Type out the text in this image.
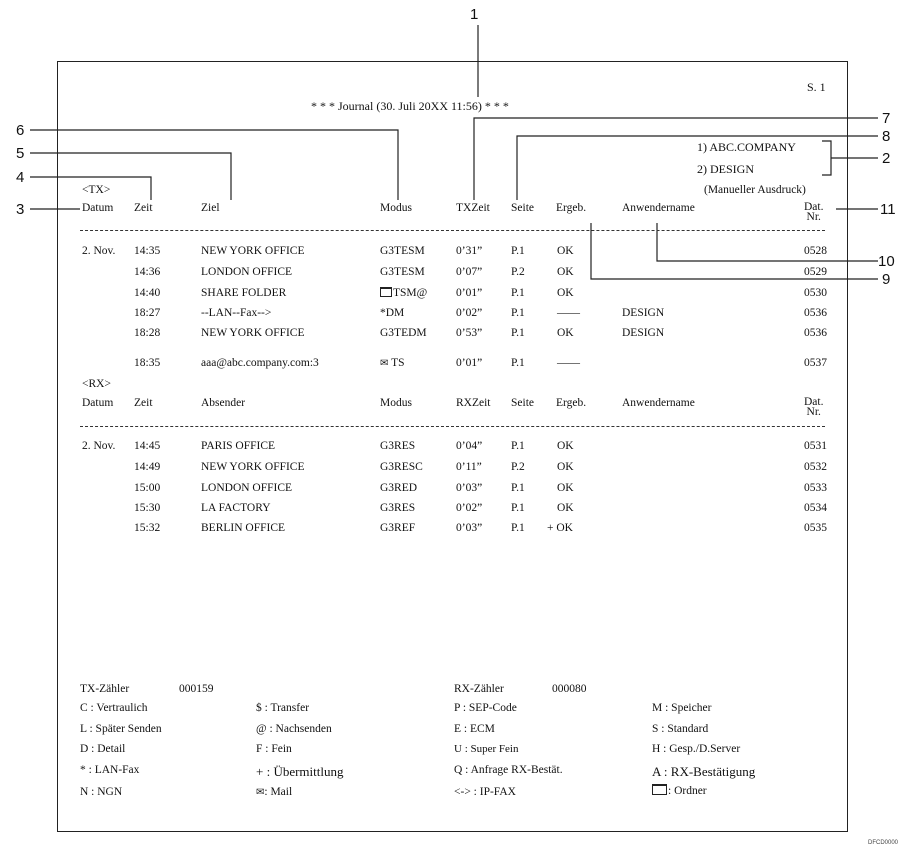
1
2
3
4
5
6
7
8
9
10
11
S. 1
* * * Journal (30. Juli 20XX 11:56) * * *
1) ABC.COMPANY
2) DESIGN
(Manueller Ausdruck)
<TX>
Datum Zeit	Ziel	Modus	TXZeit Seite Ergeb.	Anwendername	Dat.
Nr.
2. Nov. 14:35	NEW YORK OFFICE	G3TESM	0’31”	P.1	OK	0528
14:36	LONDON OFFICE	G3TESM	0’07”	P.2	OK	0529
14:40	SHARE FOLDER	TSM@	0’01”	P.1	OK	0530
18:27	--LAN--Fax-->	*DM	0’02”	P.1	——	DESIGN	0536
18:28	NEW YORK OFFICE	G3TEDM	0’53”	P.1	OK	DESIGN	0536
18:35	aaa@abc.company.com:3	✉ TS	0’01”	P.1	——	0537
<RX>
Datum Zeit	Absender	Modus	RXZeit Seite Ergeb.	Anwendername	Dat.
Nr.
2. Nov. 14:45	PARIS OFFICE	G3RES	0’04”	P.1	OK	0531
14:49	NEW YORK OFFICE	G3RESC	0’11”	P.2	OK	0532
15:00	LONDON OFFICE	G3RED	0’03”	P.1	OK	0533
15:30	LA FACTORY	G3RES	0’02”	P.1	OK	0534
15:32	BERLIN OFFICE	G3REF	0’03”	P.1 + OK	0535
TX-Zähler	000159	RX-Zähler	000080
C : Vertraulich
L : Später Senden
D : Detail
* : LAN-Fax
N : NGN
$ : Transfer
@ : Nachsenden
F : Fein
+ : Übermittlung
✉: Mail
P : SEP-Code
E : ECM
U : Super Fein
Q : Anfrage RX-Bestät.
<-> : IP-FAX
M : Speicher
S : Standard
H : Gesp./D.Server
A : RX-Bestätigung
: Ordner
DFCD0000
